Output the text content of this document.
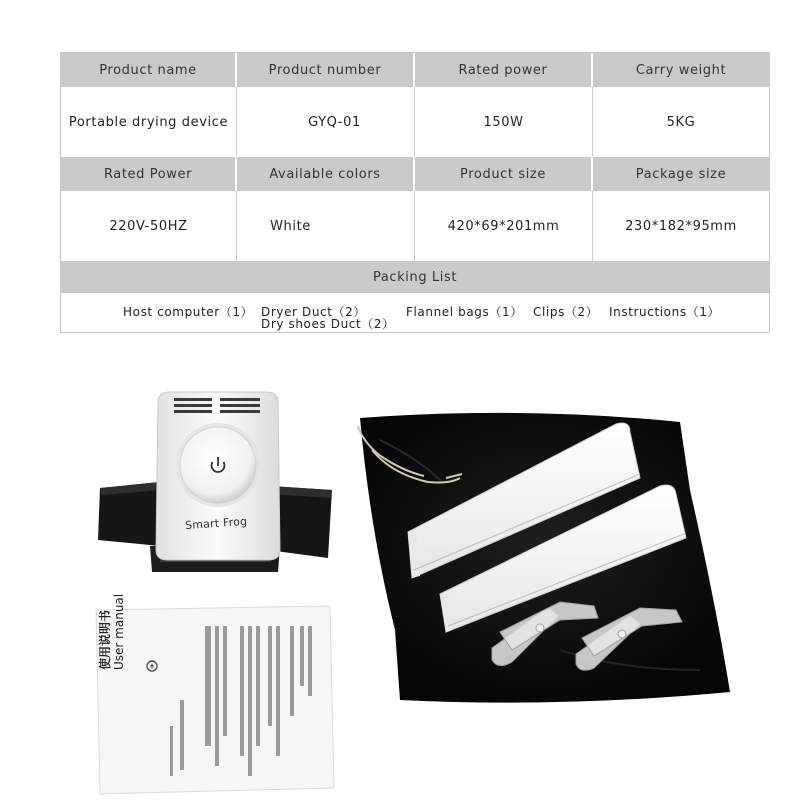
Product name	Product number	Rated power	Carry weight
Portable drying device	GYQ-01	150W	5KG
Rated Power	Available colors	Product size	Package size
220V-50HZ	White	420*69*201mm	230*182*95mm
Packing List
Host computer（1） Dryer Duct（2）
Dry shoes Duct（2）
Flannel bags（1） Clips（2） Instructions（1）
Smart Frog
使用说明书 User manual
